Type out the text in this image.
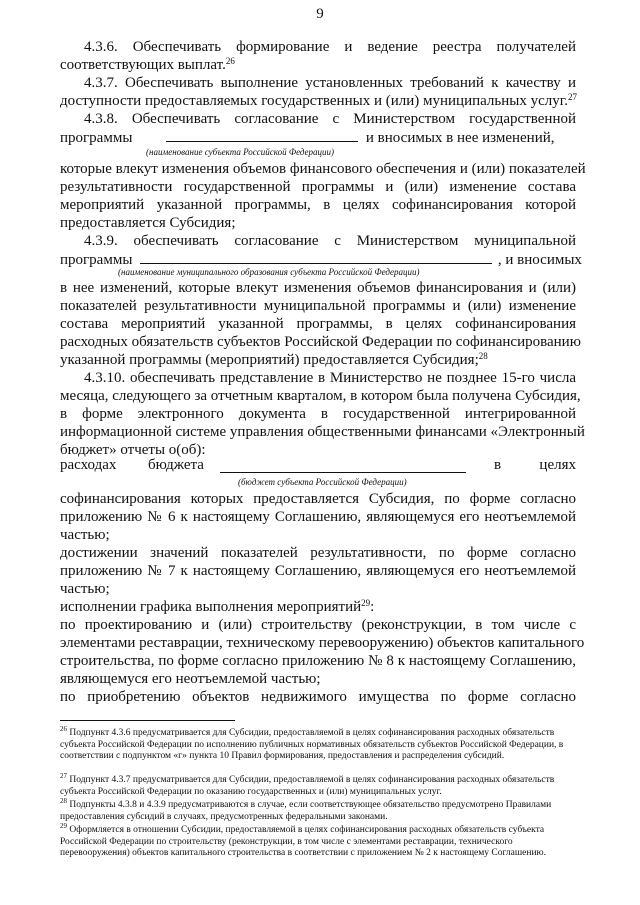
9
4.3.6. Обеспечивать формирование и ведение реестра получателей
соответствующих выплат.$^{26}$
4.3.7. Обеспечивать выполнение установленных требований к качеству и
доступности предоставляемых государственных и (или) муниципальных услуг.$^{27}$
4.3.8. Обеспечивать согласование с Министерством государственной
программы	и вносимых в нее изменений,
(наименование субъекта Российской Федерации)
которые влекут изменения объемов финансового обеспечения и (или) показателей
результативности государственной программы и (или) изменение состава
мероприятий указанной программы, в целях софинансирования которой
предоставляется Субсидия;
4.3.9. обеспечивать согласование с Министерством муниципальной
программы	, и вносимых
(наименование муниципального образования субъекта Российской Федерации)
в нее изменений, которые влекут изменения объемов финансирования и (или)
показателей результативности муниципальной программы и (или) изменение
состава мероприятий указанной программы, в целях софинансирования
расходных обязательств субъектов Российской Федерации по софинансированию
указанной программы (мероприятий) предоставляется Субсидия;$^{28}$
4.3.10. обеспечивать представление в Министерство не позднее 15-го числа
месяца, следующего за отчетным кварталом, в котором была получена Субсидия,
в форме электронного документа в государственной интегрированной
информационной системе управления общественными финансами «Электронный
бюджет» отчеты о(об):
расходах бюджета	в	целях
(бюджет субъекта Российской Федерации)
софинансирования которых предоставляется Субсидия, по форме согласно
приложению № 6 к настоящему Соглашению, являющемуся его неотъемлемой
частью;
достижении значений показателей результативности, по форме согласно
приложению № 7 к настоящему Соглашению, являющемуся его неотъемлемой
частью;
исполнении графика выполнения мероприятий$^{29}$:
по проектированию и (или) строительству (реконструкции, в том числе с
элементами реставрации, техническому перевооружению) объектов капитального
строительства, по форме согласно приложению № 8 к настоящему Соглашению,
являющемуся его неотъемлемой частью;
по приобретению объектов недвижимого имущества по форме согласно
$^{26}$ Подпункт 4.3.6 предусматривается для Субсидии, предоставляемой в целях софинансирования расходных обязательств субъекта Российской Федерации по исполнению публичных нормативных обязательств субъектов Российской Федерации, в соответствии с подпунктом «г» пункта 10 Правил формирования, предоставления и распределения субсидий.
$^{27}$ Подпункт 4.3.7 предусматривается для Субсидии, предоставляемой в целях софинансирования расходных обязательств субъекта Российской Федерации по оказанию государственных и (или) муниципальных услуг.
$^{28}$ Подпункты 4.3.8 и 4.3.9 предусматриваются в случае, если соответствующее обязательство предусмотрено Правилами предоставления субсидий в случаях, предусмотренных федеральными законами.
$^{29}$ Оформляется в отношении Субсидии, предоставляемой в целях софинансирования расходных обязательств субъекта Российской Федерации по строительству (реконструкции, в том числе с элементами реставрации, технического перевооружения) объектов капитального строительства в соответствии с приложением № 2 к настоящему Соглашению.
